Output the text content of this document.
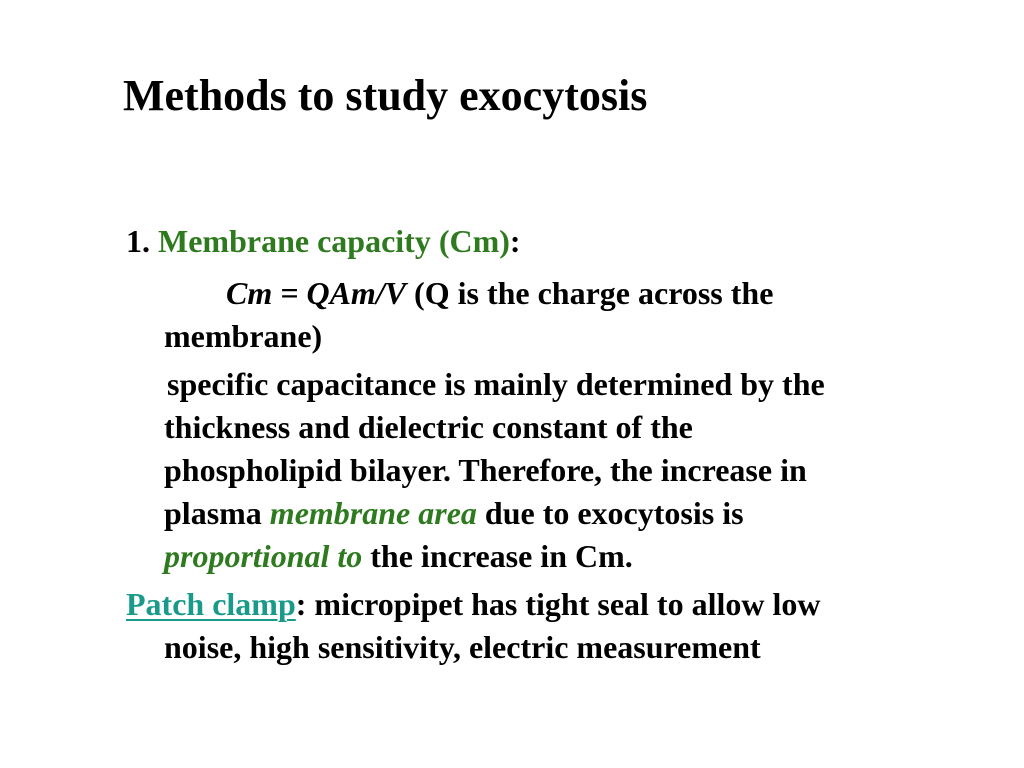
Methods to study exocytosis
1. Membrane capacity (Cm):
Cm = QAm/V (Q is the charge across the
membrane)
specific capacitance is mainly determined by the
thickness and dielectric constant of the
phospholipid bilayer. Therefore, the increase in
plasma membrane area due to exocytosis is
proportional to the increase in Cm.
Patch clamp: micropipet has tight seal to allow low
noise, high sensitivity, electric measurement
